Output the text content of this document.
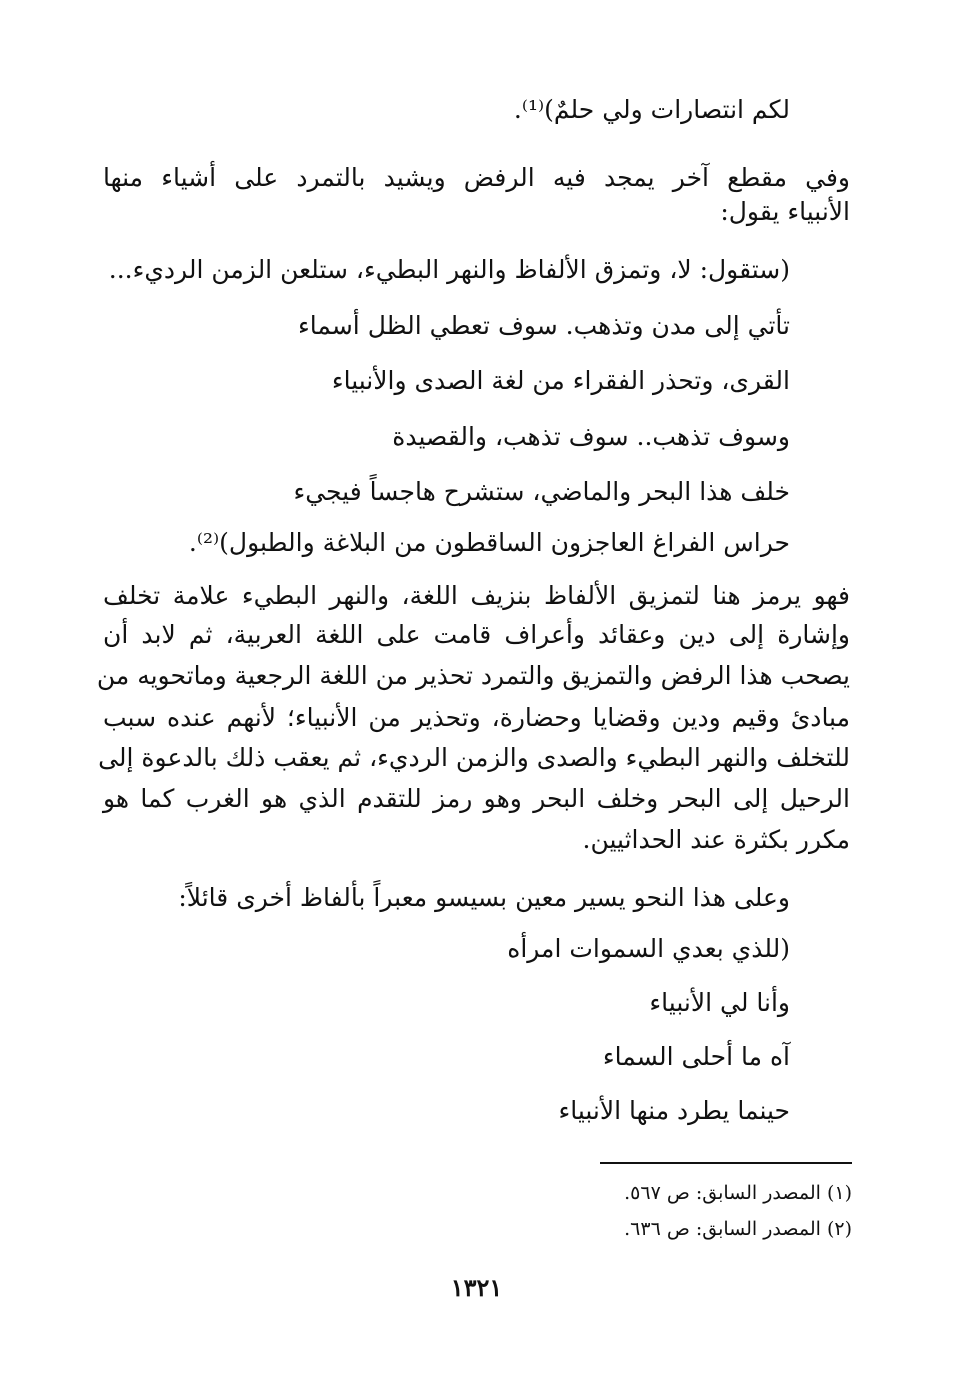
لكم انتصارات ولي حلمٌ)⁽¹⁾.
وفي مقطع آخر يمجد فيه الرفض ويشيد بالتمرد على أشياء منها
الأنبياء يقول:
(ستقول: لا، وتمزق الألفاظ والنهر البطيء، ستلعن الزمن الرديء...
تأتي إلى مدن وتذهب. سوف تعطي الظل أسماء
القرى، وتحذر الفقراء من لغة الصدى والأنبياء
وسوف تذهب.. سوف تذهب، والقصيدة
خلف هذا البحر والماضي، ستشرح هاجساً فيجيء
حراس الفراغ العاجزون الساقطون من البلاغة والطبول)⁽²⁾.
فهو يرمز هنا لتمزيق الألفاظ بنزيف اللغة، والنهر البطيء علامة تخلف
وإشارة إلى دين وعقائد وأعراف قامت على اللغة العربية، ثم لابد أن
يصحب هذا الرفض والتمزيق والتمرد تحذير من اللغة الرجعية وماتحويه من
مبادئ وقيم ودين وقضايا وحضارة، وتحذير من الأنبياء؛ لأنهم عنده سبب
للتخلف والنهر البطيء والصدى والزمن الرديء، ثم يعقب ذلك بالدعوة إلى
الرحيل إلى البحر وخلف البحر وهو رمز للتقدم الذي هو الغرب كما هو
مكرر بكثرة عند الحداثيين.
وعلى هذا النحو يسير معين بسيسو معبراً بألفاظ أخرى قائلاً:
(للذي بعدي السموات امرأه
وأنا لي الأنبياء
آه ما أحلى السماء
حينما يطرد منها الأنبياء
(١) المصدر السابق: ص ٥٦٧.
(٢) المصدر السابق: ص ٦٣٦.
١٣٢١
